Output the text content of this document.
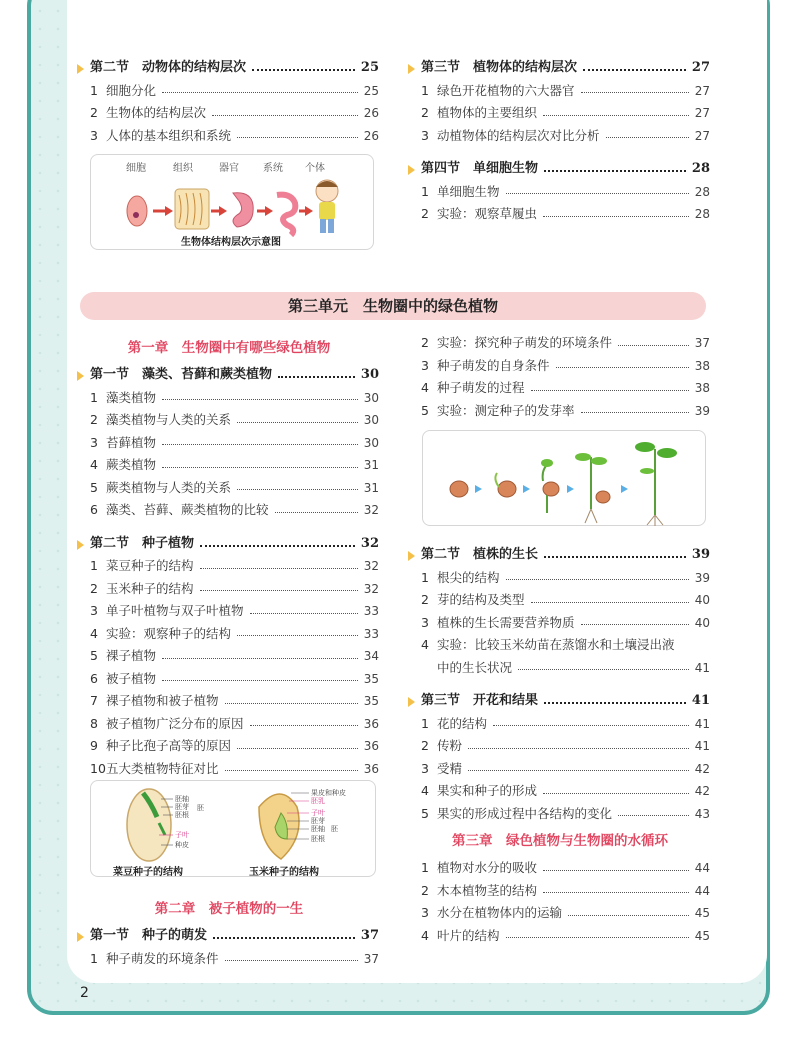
第二节　动物体的结构层次	25
1 细胞分化	25
2 生物体的结构层次	26
3 人体的基本组织和系统	26
细胞	组织	器官 系统 个体
生物体结构层次示意图
第三节　植物体的结构层次	27
1 绿色开花植物的六大器官	27
2 植物体的主要组织	27
3 动植物体的结构层次对比分析	27
第四节　单细胞生物	28
1 单细胞生物	28
2 实验：观察草履虫	28
第三单元　生物圈中的绿色植物
第一章　生物圈中有哪些绿色植物
第一节　藻类、苔藓和蕨类植物	30
1 藻类植物	30
2 藻类植物与人类的关系	30
3 苔藓植物	30
4 蕨类植物	31
5 蕨类植物与人类的关系	31
6 藻类、苔藓、蕨类植物的比较	32
第二节　种子植物	32
1 菜豆种子的结构	32
2 玉米种子的结构	32
3 单子叶植物与双子叶植物	33
4 实验：观察种子的结构	33
5 裸子植物	34
6 被子植物	35
7 裸子植物和被子植物	35
8 被子植物广泛分布的原因	36
9 种子比孢子高等的原因	36
10 五大类植物特征对比	36
胚轴
胚芽
胚根
胚
子叶
种皮
果皮和种皮
胚乳
子叶
胚芽
胚轴
胚根
胚
菜豆种子的结构	玉米种子的结构
第二章　被子植物的一生
第一节　种子的萌发	37
1 种子萌发的环境条件	37
2 实验：探究种子萌发的环境条件	37
3 种子萌发的自身条件	38
4 种子萌发的过程	38
5 实验：测定种子的发芽率	39
第二节　植株的生长	39
1 根尖的结构	39
2 芽的结构及类型	40
3 植株的生长需要营养物质	40
4 实验：比较玉米幼苗在蒸馏水和土壤浸出液
中的生长状况	41
第三节　开花和结果	41
1 花的结构	41
2 传粉	41
3 受精	42
4 果实和种子的形成	42
5 果实的形成过程中各结构的变化	43
第三章　绿色植物与生物圈的水循环
1 植物对水分的吸收	44
2 木本植物茎的结构	44
3 水分在植物体内的运输	45
4 叶片的结构	45
2
